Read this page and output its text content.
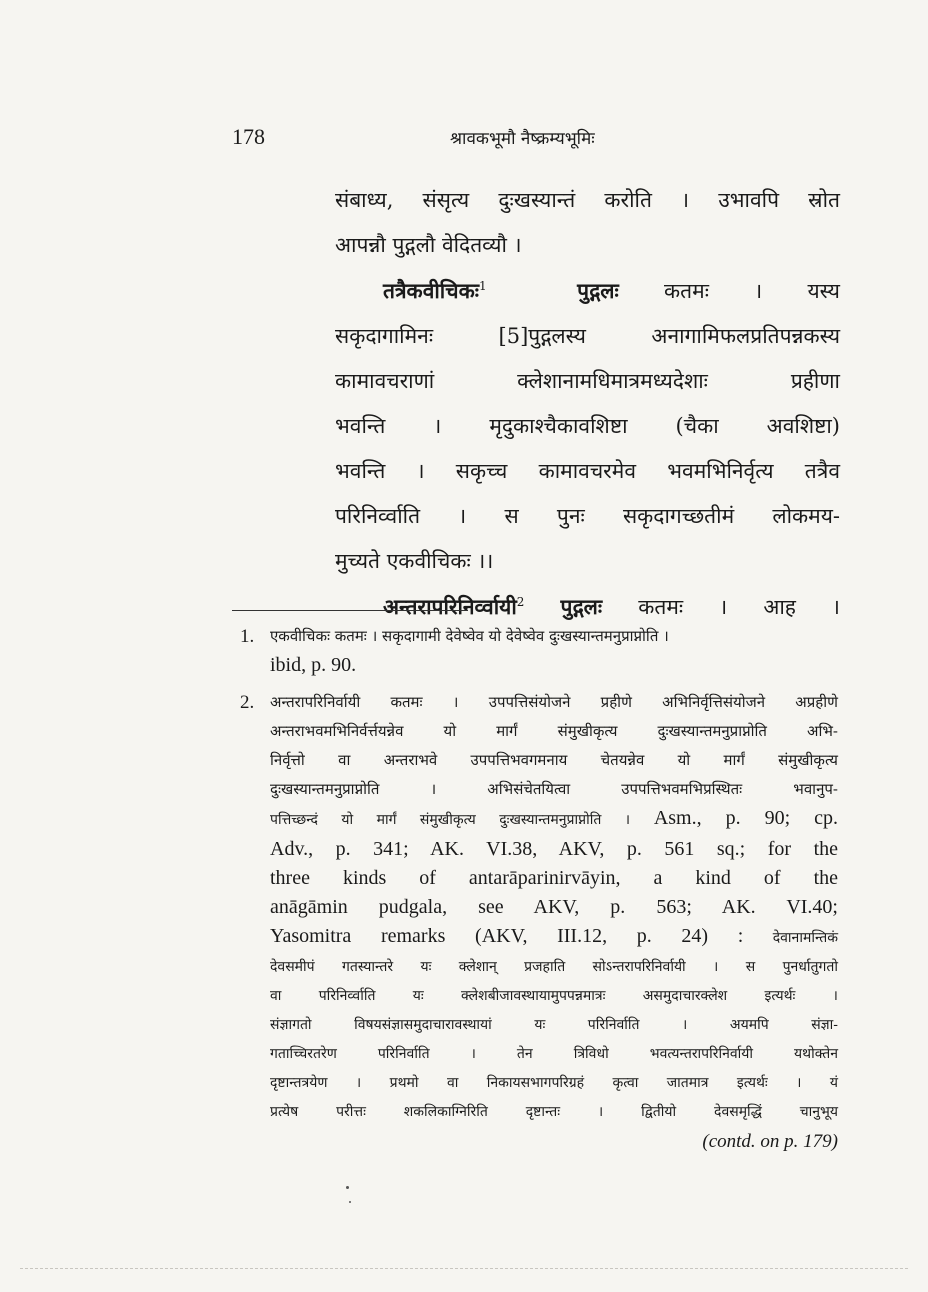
178	श्रावकभूमौ नैष्क्रम्यभूमिः

संबाध्य, संसृत्य दुःखस्यान्तं करोति । उभावपि स्रोत

आपन्नौ पुद्गलौ वेदितव्यौ ।

तत्रैकवीचिकः$^1$	पुद्गलः कतमः । यस्य

सकृदागामिनः [5]पुद्गलस्य अनागामिफलप्रतिपन्नकस्य

कामावचराणां क्लेशानामधिमात्रमध्यदेशाः प्रहीणा

भवन्ति । मृदुकाश्चैकावशिष्टा (चैका अवशिष्टा)

भवन्ति । सकृच्च कामावचरमेव भवमभिनिर्वृत्य तत्रैव

परिनिर्व्वाति । स पुनः सकृदागच्छतीमं लोकमय-

मुच्यते एकवीचिकः ।।

अन्तरापरिनिर्व्वायी$^2$ पुद्गलः कतमः । आह ।

1. एकवीचिकः कतमः । सकृदागामी देवेष्वेव यो देवेष्वेव दुःखस्यान्तमनुप्राप्नोति ।

ibid, p. 90.

2. अन्तरापरिनिर्वायी कतमः । उपपत्तिसंयोजने प्रहीणे अभिनिर्वृत्तिसंयोजने अप्रहीणे

अन्तराभवमभिनिर्वर्त्तयन्नेव यो मार्गं संमुखीकृत्य दुःखस्यान्तमनुप्राप्नोति अभि-

निर्वृत्तो वा अन्तराभवे उपपत्तिभवगमनाय चेतयन्नेव यो मार्गं संमुखीकृत्य

दुःखस्यान्तमनुप्राप्नोति । अभिसंचेतयित्वा उपपत्तिभवमभिप्रस्थितः भवानुप-

पत्तिच्छन्दं यो मार्गं संमुखीकृत्य दुःखस्यान्तमनुप्राप्नोति । Asm., p. 90; cp.

Adv., p. 341; AK. VI.38, AKV, p. 561 sq.; for the

three kinds of antarāparinirvāyin, a kind of the

anāgāmin pudgala, see AKV, p. 563; AK. VI.40;

Yasomitra remarks (AKV, III.12, p. 24) : देवानामन्तिकं

देवसमीपं गतस्यान्तरे यः क्लेशान् प्रजहाति सोऽन्तरापरिनिर्वायी । स पुनर्धातुगतो

वा परिनिर्व्वाति यः क्लेशबीजावस्थायामुपपन्नमात्रः असमुदाचारक्लेश इत्यर्थः ।

संज्ञागतो विषयसंज्ञासमुदाचारावस्थायां यः परिनिर्वाति । अयमपि संज्ञा-

गताच्चिरतरेण परिनिर्वाति । तेन त्रिविधो भवत्यन्तरापरिनिर्वायी यथोक्तेन

दृष्टान्तत्रयेण । प्रथमो वा निकायसभागपरिग्रहं कृत्वा जातमात्र इत्यर्थः । यं

प्रत्येष परीत्तः शकलिकाग्निरिति दृष्टान्तः । द्वितीयो देवसमृद्धिं चानुभूय

(contd. on p. 179)
